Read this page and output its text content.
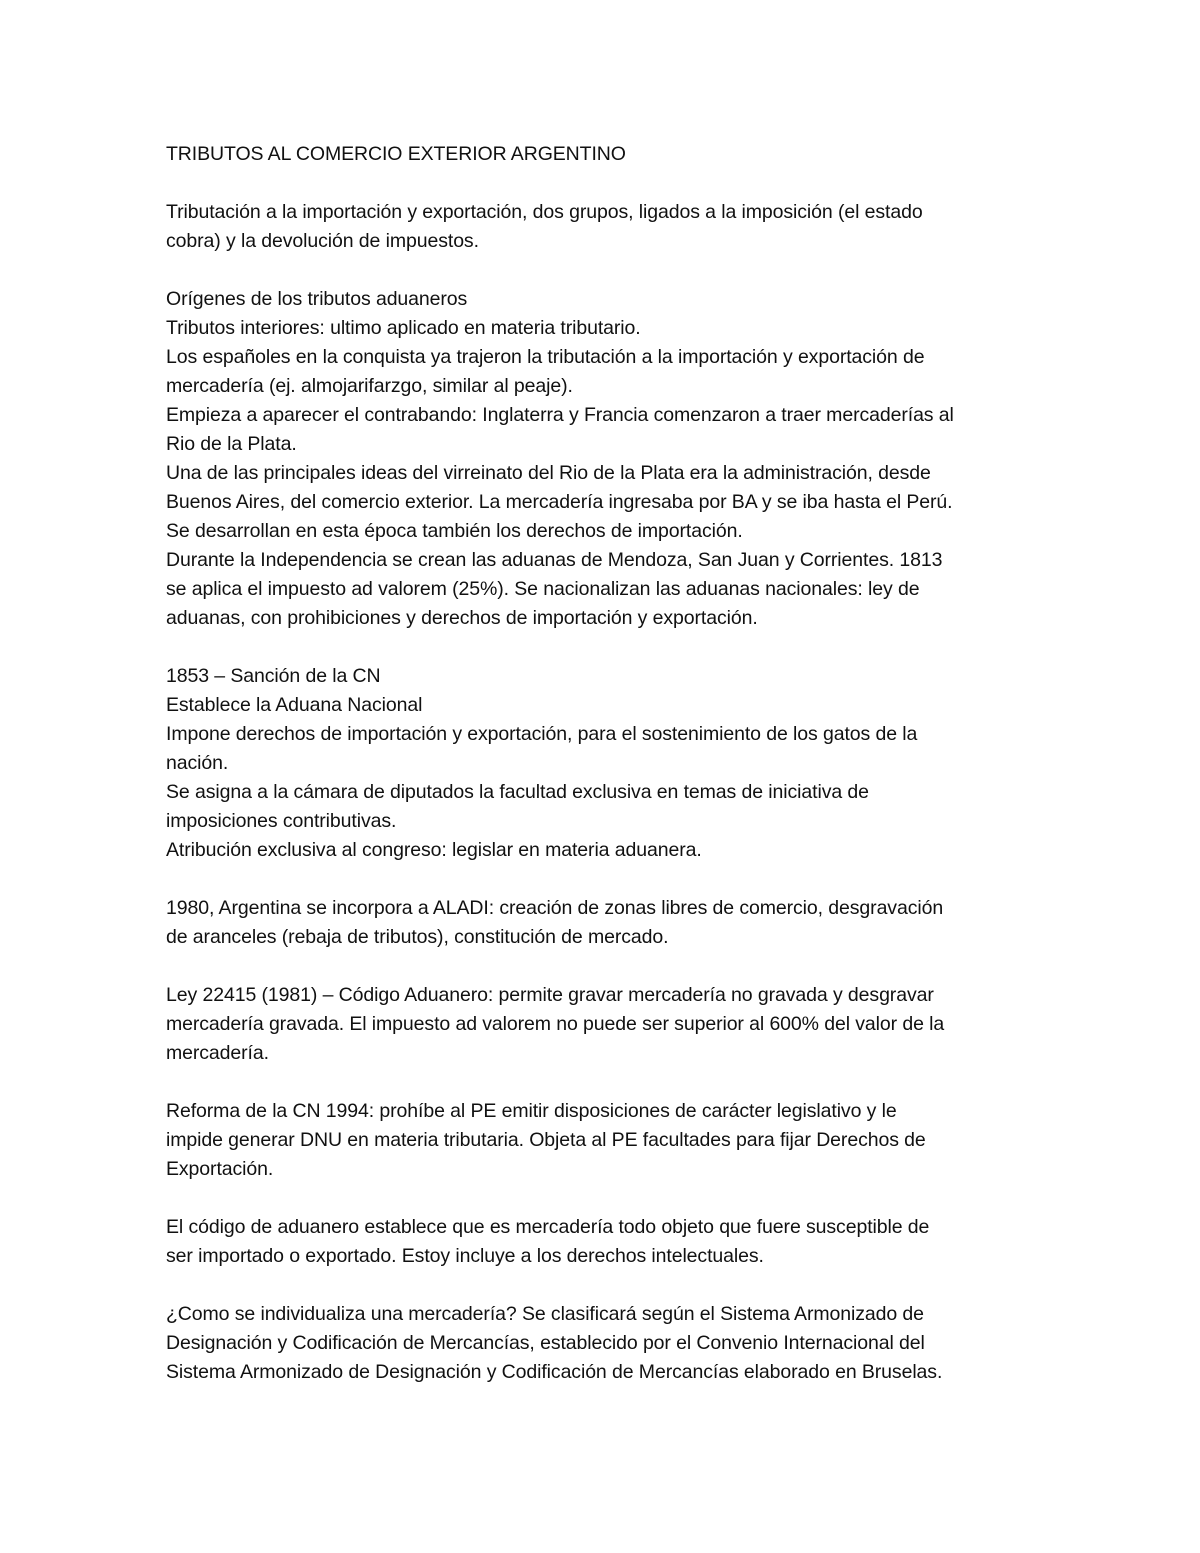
TRIBUTOS AL COMERCIO EXTERIOR ARGENTINO
Tributación a la importación y exportación, dos grupos, ligados a la imposición (el estado
cobra) y la devolución de impuestos.
Orígenes de los tributos aduaneros
Tributos interiores: ultimo aplicado en materia tributario.
Los españoles en la conquista ya trajeron la tributación a la importación y exportación de
mercadería (ej. almojarifarzgo, similar al peaje).
Empieza a aparecer el contrabando: Inglaterra y Francia comenzaron a traer mercaderías al
Rio de la Plata.
Una de las principales ideas del virreinato del Rio de la Plata era la administración, desde
Buenos Aires, del comercio exterior. La mercadería ingresaba por BA y se iba hasta el Perú.
Se desarrollan en esta época también los derechos de importación.
Durante la Independencia se crean las aduanas de Mendoza, San Juan y Corrientes. 1813
se aplica el impuesto ad valorem (25%). Se nacionalizan las aduanas nacionales: ley de
aduanas, con prohibiciones y derechos de importación y exportación.
1853 – Sanción de la CN
Establece la Aduana Nacional
Impone derechos de importación y exportación, para el sostenimiento de los gatos de la
nación.
Se asigna a la cámara de diputados la facultad exclusiva en temas de iniciativa de
imposiciones contributivas.
Atribución exclusiva al congreso: legislar en materia aduanera.
1980, Argentina se incorpora a ALADI: creación de zonas libres de comercio, desgravación
de aranceles (rebaja de tributos), constitución de mercado.
Ley 22415 (1981) – Código Aduanero: permite gravar mercadería no gravada y desgravar
mercadería gravada. El impuesto ad valorem no puede ser superior al 600% del valor de la
mercadería.
Reforma de la CN 1994: prohíbe al PE emitir disposiciones de carácter legislativo y le
impide generar DNU en materia tributaria. Objeta al PE facultades para fijar Derechos de
Exportación.
El código de aduanero establece que es mercadería todo objeto que fuere susceptible de
ser importado o exportado. Estoy incluye a los derechos intelectuales.
¿Como se individualiza una mercadería? Se clasificará según el Sistema Armonizado de
Designación y Codificación de Mercancías, establecido por el Convenio Internacional del
Sistema Armonizado de Designación y Codificación de Mercancías elaborado en Bruselas.
